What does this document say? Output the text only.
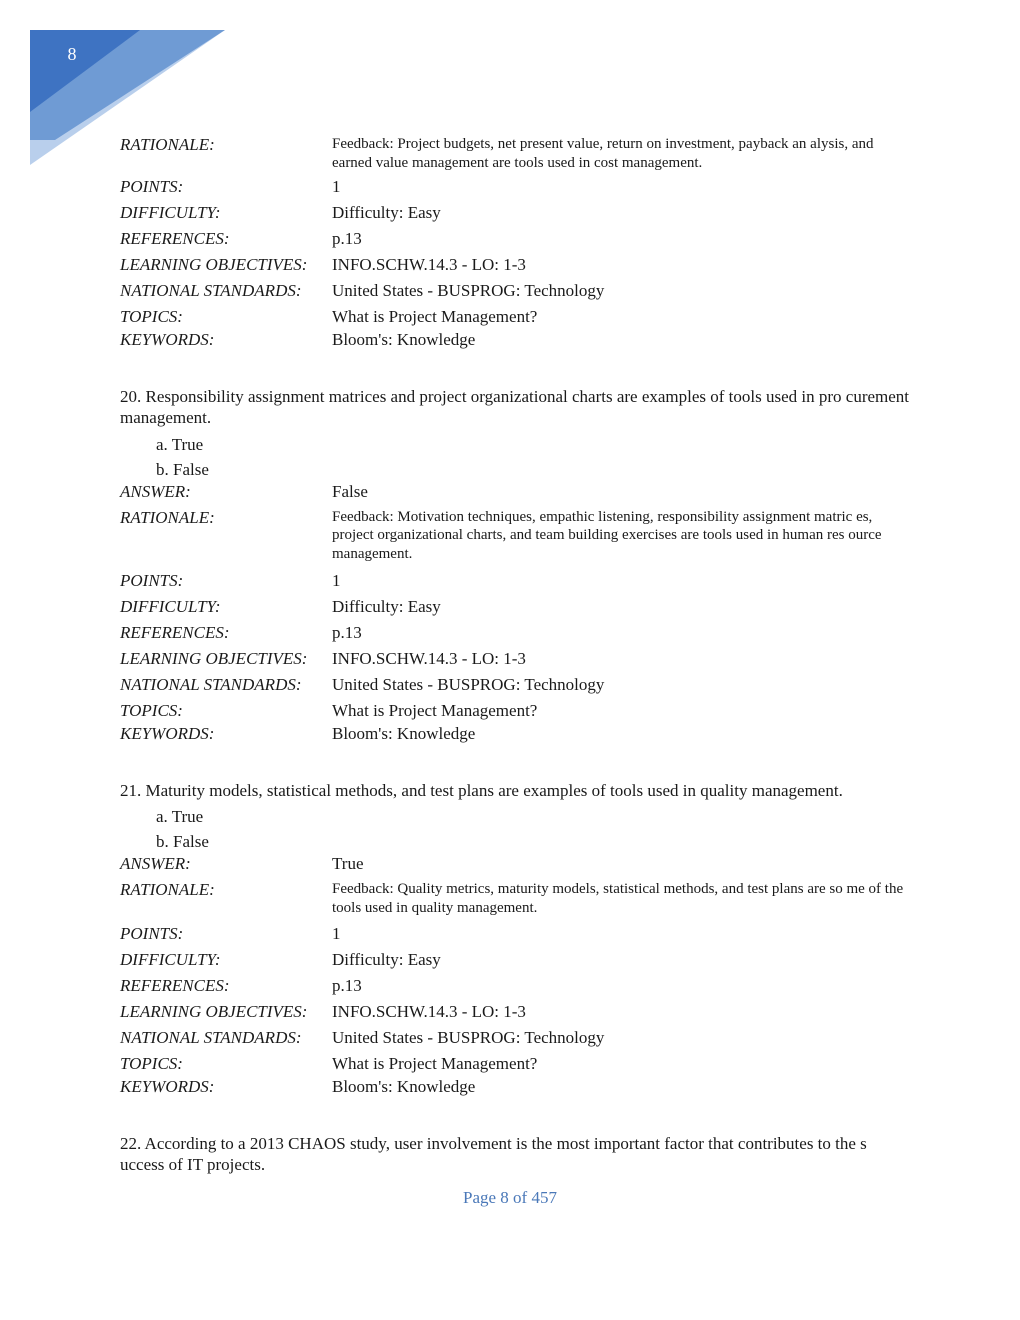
8
RATIONALE:	Feedback: Project budgets, net present value, return on investment, payback an alysis, and earned value management are tools used in cost management.
POINTS:	1
DIFFICULTY:	Difficulty: Easy
REFERENCES:	p.13
LEARNING OBJECTIVES:	INFO.SCHW.14.3 - LO: 1-3
NATIONAL STANDARDS:	United States - BUSPROG: Technology
TOPICS:	What is Project Management?
KEYWORDS:	Bloom's: Knowledge
20. Responsibility assignment matrices and project organizational charts are examples of tools used in pro curement management.
a. True
b. False
ANSWER:	False
RATIONALE:	Feedback: Motivation techniques, empathic listening, responsibility assignment matric es, project organizational charts, and team building exercises are tools used in human res ource management.
POINTS:	1
DIFFICULTY:	Difficulty: Easy
REFERENCES:	p.13
LEARNING OBJECTIVES:	INFO.SCHW.14.3 - LO: 1-3
NATIONAL STANDARDS:	United States - BUSPROG: Technology
TOPICS:	What is Project Management?
KEYWORDS:	Bloom's: Knowledge
21. Maturity models, statistical methods, and test plans are examples of tools used in quality management.
a. True
b. False
ANSWER:	True
RATIONALE:	Feedback: Quality metrics, maturity models, statistical methods, and test plans are so me of the tools used in quality management.
POINTS:	1
DIFFICULTY:	Difficulty: Easy
REFERENCES:	p.13
LEARNING OBJECTIVES:	INFO.SCHW.14.3 - LO: 1-3
NATIONAL STANDARDS:	United States - BUSPROG: Technology
TOPICS:	What is Project Management?
KEYWORDS:	Bloom's: Knowledge
22. According to a 2013 CHAOS study, user involvement is the most important factor that contributes to the s uccess of IT projects.
Page 8 of 457
